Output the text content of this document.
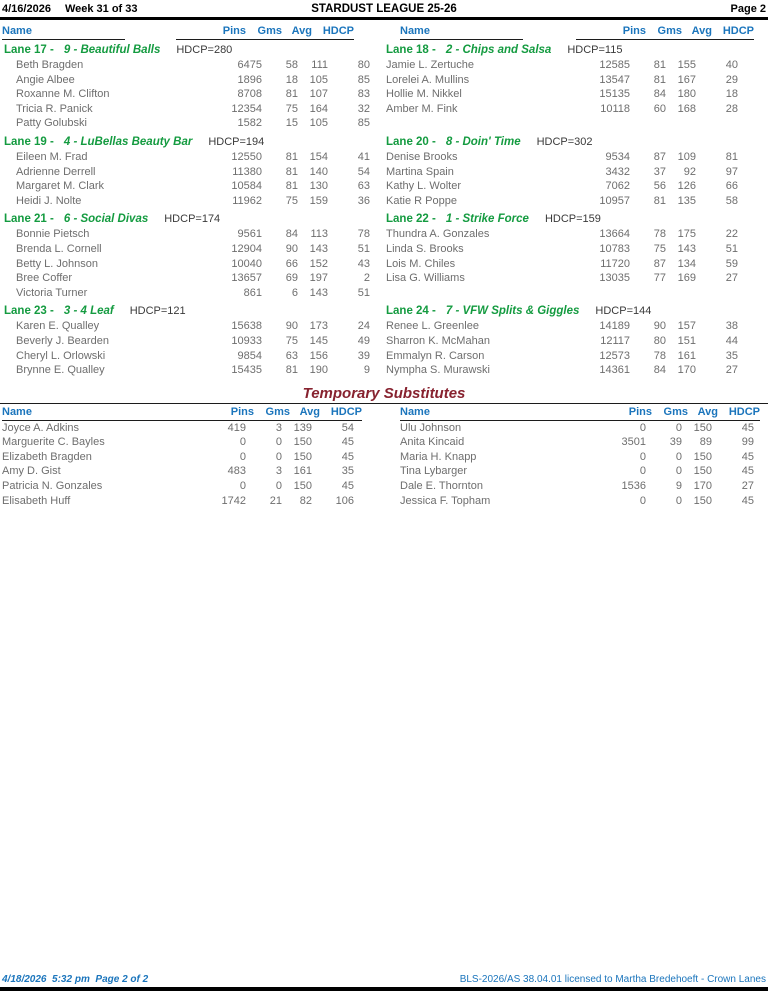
4/16/2026 Week 31 of 33	STARDUST LEAGUE 25-26	Page 2
Name	Pins	Gms Avg HDCP	Name	Pins	Gms Avg HDCP
Lane 17 - 9 - Beautiful Balls HDCP=280
Beth Bragden	6475	58	111	80
Angie Albee	1896	18	105	85
Roxanne M. Clifton	8708	81	107	83
Tricia R. Panick	12354	75	164	32
Patty Golubski	1582	15	105	85
Lane 18 - 2 - Chips and Salsa HDCP=115
Jamie L. Zertuche	12585	81	155	40
Lorelei A. Mullins	13547	81	167	29
Hollie M. Nikkel	15135	84	180	18
Amber M. Fink	10118	60	168	28
Lane 19 - 4 - LuBellas Beauty Bar HDCP=194
Eileen M. Frad	12550	81	154	41
Adrienne Derrell	11380	81	140	54
Margaret M. Clark	10584	81	130	63
Heidi J. Nolte	11962	75	159	36
Lane 20 - 8 - Doin' Time HDCP=302
Denise Brooks	9534	87	109	81
Martina Spain	3432	37	92	97
Kathy L. Wolter	7062	56	126	66
Katie R Poppe	10957	81	135	58
Lane 21 - 6 - Social Divas HDCP=174
Bonnie Pietsch	9561	84	113	78
Brenda L. Cornell	12904	90	143	51
Betty L. Johnson	10040	66	152	43
Bree Coffer	13657	69	197	2
Victoria Turner	861	6	143	51
Lane 22 - 1 - Strike Force HDCP=159
Thundra A. Gonzales	13664	78	175	22
Linda S. Brooks	10783	75	143	51
Lois M. Chiles	11720	87	134	59
Lisa G. Williams	13035	77	169	27
Lane 23 - 3 - 4 Leaf HDCP=121
Karen E. Qualley	15638	90	173	24
Beverly J. Bearden	10933	75	145	49
Cheryl L. Orlowski	9854	63	156	39
Brynne E. Qualley	15435	81	190	9
Lane 24 - 7 - VFW Splits & Giggles HDCP=144
Renee L. Greenlee	14189	90	157	38
Sharron K. McMahan	12117	80	151	44
Emmalyn R. Carson	12573	78	161	35
Nympha S. Murawski	14361	84	170	27
Temporary Substitutes
Name	Pins	Gms Avg HDCP
Joyce A. Adkins	419	3	139	54
Marguerite C. Bayles	0	0	150	45
Elizabeth Bragden	0	0	150	45
Amy D. Gist	483	3	161	35
Patricia N. Gonzales	0	0	150	45
Elisabeth Huff	1742	21	82	106
Name	Pins	Gms Avg HDCP
Ulu Johnson	0	0	150	45
Anita Kincaid	3501	39	89	99
Maria H. Knapp	0	0	150	45
Tina Lybarger	0	0	150	45
Dale E. Thornton	1536	9	170	27
Jessica F. Topham	0	0	150	45
4/18/2026  5:32 pm  Page 2 of 2	BLS-2026/AS 38.04.01 licensed to Martha Bredehoeft - Crown Lanes
